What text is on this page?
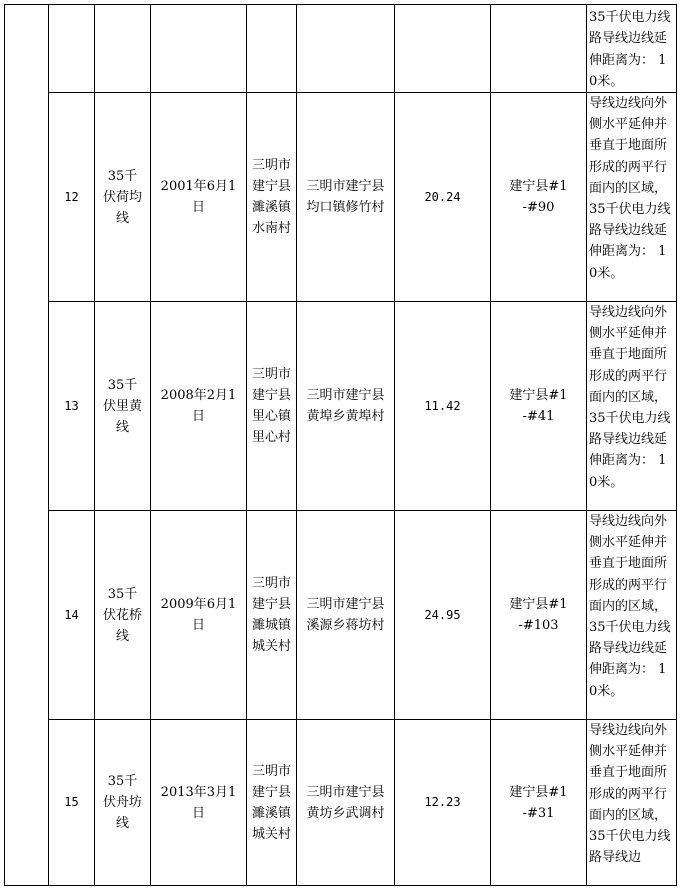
								35千伏电力线路导线边线延伸距离为： 10米。
	12	35千伏荷均线	2001年6月1日	三明市建宁县濉溪镇水南村	三明市建宁县均口镇修竹村	20.24	建宁县#1-#90	导线边线向外侧水平延伸并垂直于地面所形成的两平行面内的区域，35千伏电力线路导线边线延伸距离为： 10米。
	13	35千伏里黄线	2008年2月1日	三明市建宁县里心镇里心村	三明市建宁县黄埠乡黄埠村	11.42	建宁县#1-#41	导线边线向外侧水平延伸并垂直于地面所形成的两平行面内的区域，35千伏电力线路导线边线延伸距离为： 10米。
	14	35千伏花桥线	2009年6月1日	三明市建宁县濉城镇城关村	三明市建宁县溪源乡蒋坊村	24.95	建宁县#1-#103	导线边线向外侧水平延伸并垂直于地面所形成的两平行面内的区域，35千伏电力线路导线边线延伸距离为： 10米。
	15	35千伏舟坊线	2013年3月1日	三明市建宁县濉溪镇城关村	三明市建宁县黄坊乡武调村	12.23	建宁县#1-#31	导线边线向外侧水平延伸并垂直于地面所形成的两平行面内的区域，35千伏电力线路导线边
